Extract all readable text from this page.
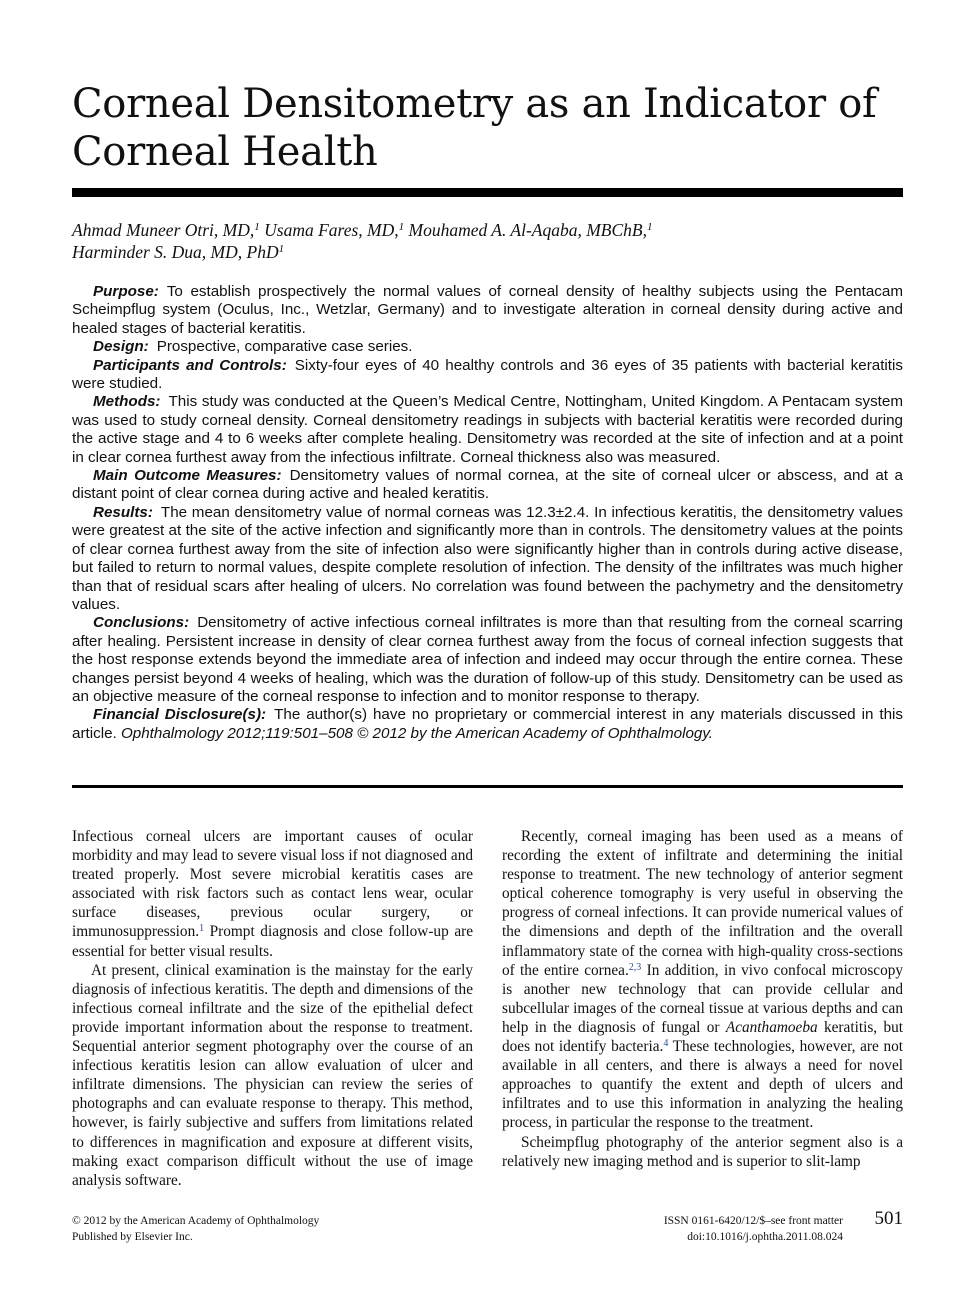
Corneal Densitometry as an Indicator of Corneal Health
Ahmad Muneer Otri, MD,$^1$ Usama Fares, MD,$^1$ Mouhamed A. Al-Aqaba, MBChB,$^1$
Harminder S. Dua, MD, PhD$^1$

Purpose: To establish prospectively the normal values of corneal density of healthy subjects using the Pentacam Scheimpflug system (Oculus, Inc., Wetzlar, Germany) and to investigate alteration in corneal density during active and healed stages of bacterial keratitis.

Design: Prospective, comparative case series.

Participants and Controls: Sixty-four eyes of 40 healthy controls and 36 eyes of 35 patients with bacterial keratitis were studied.

Methods: This study was conducted at the Queen’s Medical Centre, Nottingham, United Kingdom. A Pentacam system was used to study corneal density. Corneal densitometry readings in subjects with bacterial keratitis were recorded during the active stage and 4 to 6 weeks after complete healing. Densitometry was recorded at the site of infection and at a point in clear cornea furthest away from the infectious infiltrate. Corneal thickness also was measured.

Main Outcome Measures: Densitometry values of normal cornea, at the site of corneal ulcer or abscess, and at a distant point of clear cornea during active and healed keratitis.

Results: The mean densitometry value of normal corneas was 12.3±2.4. In infectious keratitis, the densitometry values were greatest at the site of the active infection and significantly more than in controls. The densitometry values at the points of clear cornea furthest away from the site of infection also were significantly higher than in controls during active disease, but failed to return to normal values, despite complete resolution of infection. The density of the infiltrates was much higher than that of residual scars after healing of ulcers. No correlation was found between the pachymetry and the densitometry values.

Conclusions: Densitometry of active infectious corneal infiltrates is more than that resulting from the corneal scarring after healing. Persistent increase in density of clear cornea furthest away from the focus of corneal infection suggests that the host response extends beyond the immediate area of infection and indeed may occur through the entire cornea. These changes persist beyond 4 weeks of healing, which was the duration of follow-up of this study. Densitometry can be used as an objective measure of the corneal response to infection and to monitor response to therapy.

Financial Disclosure(s): The author(s) have no proprietary or commercial interest in any materials discussed in this article. Ophthalmology 2012;119:501–508 © 2012 by the American Academy of Ophthalmology.

Infectious corneal ulcers are important causes of ocular morbidity and may lead to severe visual loss if not diagnosed and treated properly. Most severe microbial keratitis cases are associated with risk factors such as contact lens wear, ocular surface diseases, previous ocular surgery, or immunosuppression.$^1$ Prompt diagnosis and close follow-up are essential for better visual results.

At present, clinical examination is the mainstay for the early diagnosis of infectious keratitis. The depth and dimensions of the infectious corneal infiltrate and the size of the epithelial defect provide important information about the response to treatment. Sequential anterior segment photography over the course of an infectious keratitis lesion can allow evaluation of ulcer and infiltrate dimensions. The physician can review the series of photographs and can evaluate response to therapy. This method, however, is fairly subjective and suffers from limitations related to differences in magnification and exposure at different visits, making exact comparison difficult without the use of image analysis software.

Recently, corneal imaging has been used as a means of recording the extent of infiltrate and determining the initial response to treatment. The new technology of anterior segment optical coherence tomography is very useful in observing the progress of corneal infections. It can provide numerical values of the dimensions and depth of the infiltration and the overall inflammatory state of the cornea with high-quality cross-sections of the entire cornea.$^{2,3}$ In addition, in vivo confocal microscopy is another new technology that can provide cellular and subcellular images of the corneal tissue at various depths and can help in the diagnosis of fungal or Acanthamoeba keratitis, but does not identify bacteria.$^4$ These technologies, however, are not available in all centers, and there is always a need for novel approaches to quantify the extent and depth of ulcers and infiltrates and to use this information in analyzing the healing process, in particular the response to the treatment.

Scheimpflug photography of the anterior segment also is a relatively new imaging method and is superior to slit-lamp

© 2012 by the American Academy of Ophthalmology
Published by Elsevier Inc.
ISSN 0161-6420/12/$–see front matter
doi:10.1016/j.ophtha.2011.08.024
501
